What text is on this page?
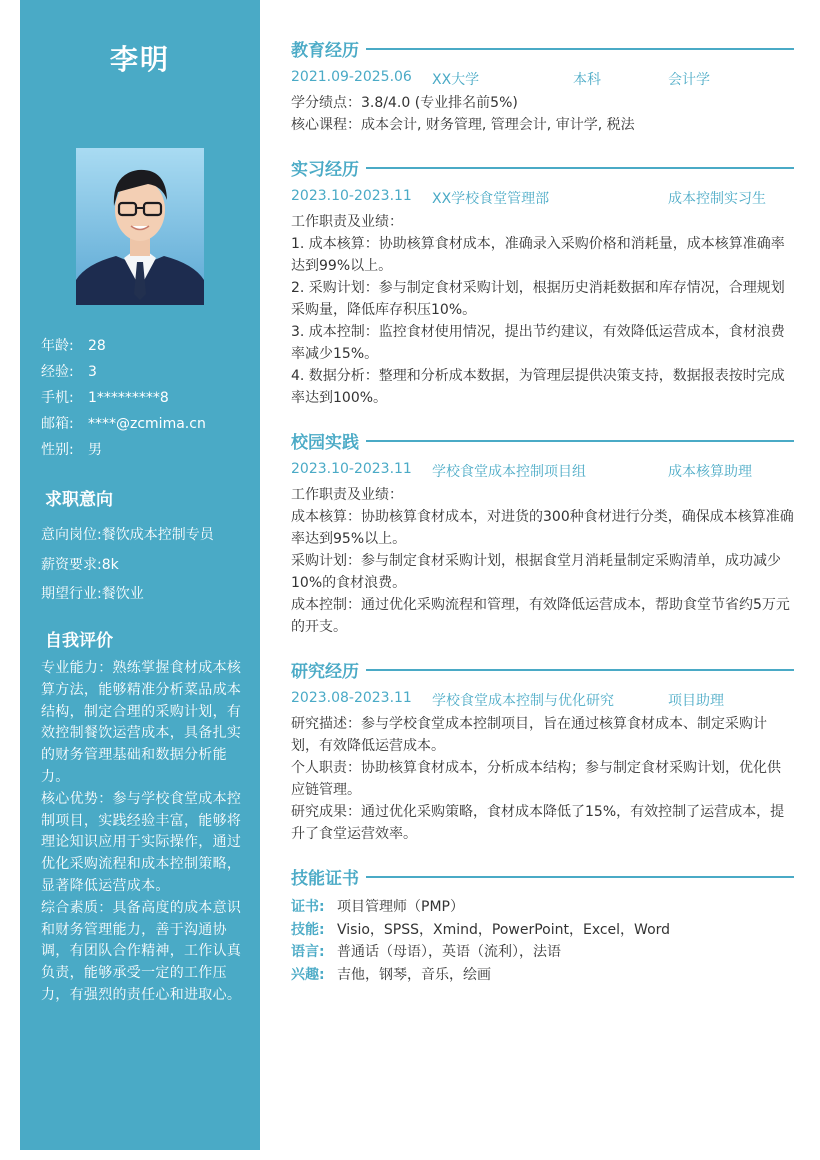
李明
年龄: 28
经验: 3
手机: 1*********8
邮箱: ****@zcmima.cn
性别: 男
求职意向
意向岗位:餐饮成本控制专员
薪资要求:8k
期望行业:餐饮业
自我评价

专业能力：熟练掌握食材成本核算方法，能够精准分析菜品成本结构，制定合理的采购计划，有效控制餐饮运营成本，具备扎实的财务管理基础和数据分析能力。

核心优势：参与学校食堂成本控制项目，实践经验丰富，能够将理论知识应用于实际操作，通过优化采购流程和成本控制策略，显著降低运营成本。

综合素质：具备高度的成本意识和财务管理能力，善于沟通协调，有团队合作精神，工作认真负责，能够承受一定的工作压力，有强烈的责任心和进取心。

教育经历
2021.09-2025.06 XX大学	本科	会计学

学分绩点：3.8/4.0 (专业排名前5%)

核心课程：成本会计, 财务管理, 管理会计, 审计学, 税法

实习经历
2023.10-2023.11 XX学校食堂管理部	成本控制实习生

工作职责及业绩：

1. 成本核算：协助核算食材成本，准确录入采购价格和消耗量，成本核算准确率达到99%以上。

2. 采购计划：参与制定食材采购计划，根据历史消耗数据和库存情况，合理规划采购量，降低库存积压10%。

3. 成本控制：监控食材使用情况，提出节约建议，有效降低运营成本，食材浪费率减少15%。

4. 数据分析：整理和分析成本数据，为管理层提供决策支持，数据报表按时完成率达到100%。

校园实践
2023.10-2023.11 学校食堂成本控制项目组	成本核算助理

工作职责及业绩：

成本核算：协助核算食材成本，对进货的300种食材进行分类，确保成本核算准确率达到95%以上。

采购计划：参与制定食材采购计划，根据食堂月消耗量制定采购清单，成功减少10%的食材浪费。

成本控制：通过优化采购流程和管理，有效降低运营成本，帮助食堂节省约5万元的开支。

研究经历
2023.08-2023.11 学校食堂成本控制与优化研究	项目助理

研究描述：参与学校食堂成本控制项目，旨在通过核算食材成本、制定采购计划，有效降低运营成本。

个人职责：协助核算食材成本，分析成本结构；参与制定食材采购计划，优化供应链管理。

研究成果：通过优化采购策略，食材成本降低了15%，有效控制了运营成本，提升了食堂运营效率。

技能证书
证书: 项目管理师（PMP）
技能: Visio，SPSS，Xmind，PowerPoint，Excel，Word
语言: 普通话（母语），英语（流利），法语
兴趣: 吉他，钢琴，音乐，绘画
